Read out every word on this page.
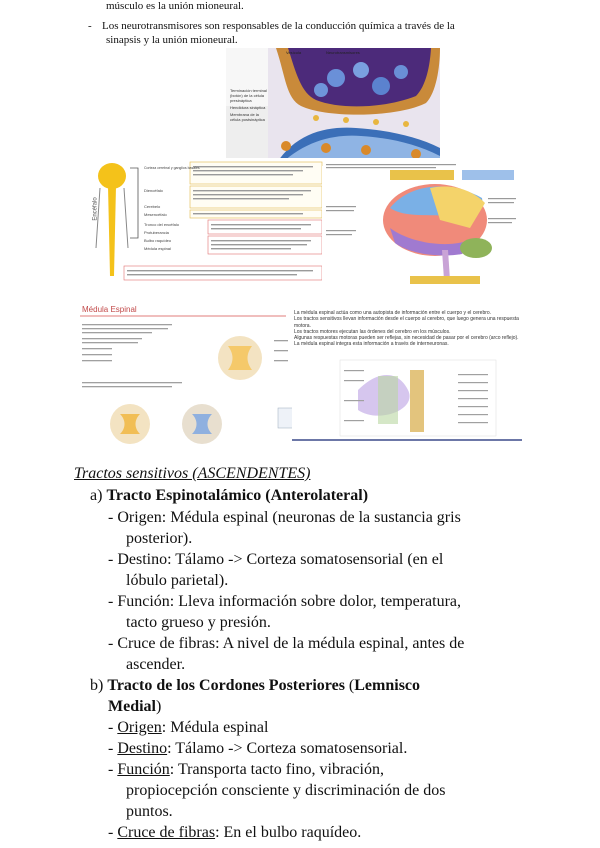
músculo es la unión mioneural.
- Los neurotransmisores son responsables de la conducción química a través de la
sinapsis y la unión mioneural.
Vesícula	Neurotransmisores
Terminación terminal (botón) de la célula presináptica
Hendidura sináptica
Membrana de la célula postsináptica
Encéfalo
Corteza cerebral y ganglios basales
Diencéfalo
Tronco del encéfalo
Mesencéfalo
Protuberancia
Bulbo raquídeo
Médula espinal
Cerebelo
Médula Espinal	La médula espinal actúa como una autopista de información entre el cuerpo y el cerebro.
Los tractos sensitivos llevan información desde el cuerpo al cerebro, que luego genera una respuesta motora.
Los tractos motores ejecutan las órdenes del cerebro en los músculos.
Algunas respuestas motoras pueden ser reflejas, sin necesidad de pasar por el cerebro (arco reflejo).
La médula espinal integra esta información a través de interneuronas.
Tractos sensitivos (ASCENDENTES)
a) Tracto Espinotalámico (Anterolateral)
- Origen: Médula espinal (neuronas de la sustancia gris
posterior).
- Destino: Tálamo -> Corteza somatosensorial (en el
lóbulo parietal).
- Función: Lleva información sobre dolor, temperatura,
tacto grueso y presión.
- Cruce de fibras: A nivel de la médula espinal, antes de
ascender.
b) Tracto de los Cordones Posteriores (Lemnisco
Medial)
- Origen: Médula espinal
- Destino: Tálamo -> Corteza somatosensorial.
- Función: Transporta tacto fino, vibración,
propiocepción consciente y discriminación de dos
puntos.
- Cruce de fibras: En el bulbo raquídeo.
